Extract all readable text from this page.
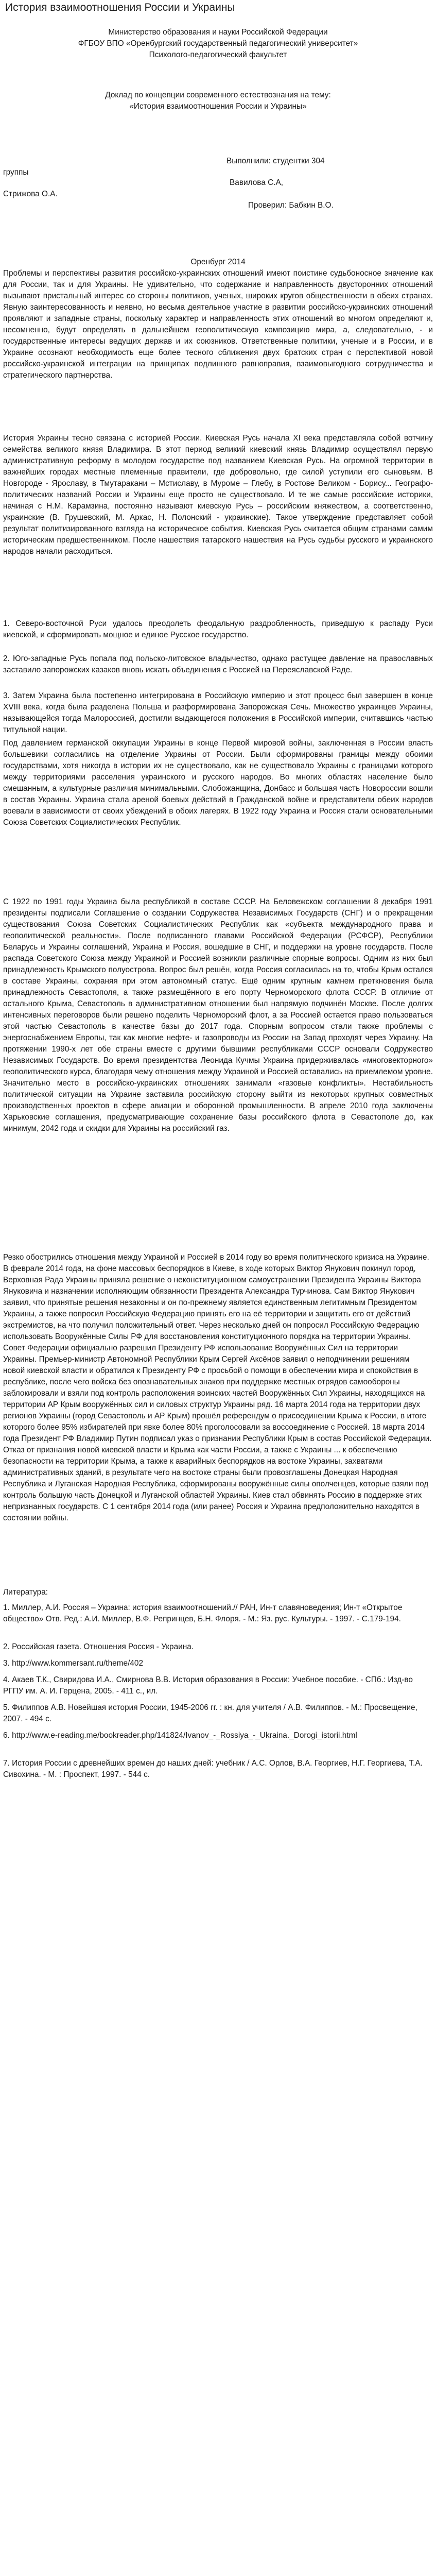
История взаимоотношения России и Украины

Министерство образования и науки Российской Федерации

ФГБОУ ВПО «Оренбургский государственный педагогический университет»

Психолого-педагогический факультет

Доклад по концепции современного естествознания на тему:

«История взаимоотношения России и Украины»

Выполнили: студентки 304

группы

Вавилова С.А,

Стрижова О.А.

Проверил: Бабкин В.О.

Оренбург 2014

Проблемы и перспективы развития российско-украинских отношений имеют поистине судьбоносное значение как для России, так и для Украины. Не удивительно, что содержание и направленность двусторонних отношений вызывают пристальный интерес со стороны политиков, ученых, широких кругов общественности в обеих странах. Явную заинтересованность и неявно, но весьма деятельное участие в развитии российско-украинских отношений проявляют и западные страны, поскольку характер и направленность этих отношений во многом определяют и, несомненно, будут определять в дальнейшем геополитическую композицию мира, а, следовательно, - и государственные интересы ведущих держав и их союзников. Ответственные политики, ученые и в России, и в Украине осознают необходимость еще более тесного сближения двух братских стран с перспективой новой российско-украинской интеграции на принципах подлинного равноправия, взаимовыгодного сотрудничества и стратегического партнерства.

История Украины тесно связана с историей России. Киевская Русь начала XI века представляла собой вотчину семейства великого князя Владимира. В этот период великий киевский князь Владимир осуществлял первую административную реформу в молодом государстве под названием Киевская Русь. На огромной территории в важнейших городах местные племенные правители, где добровольно, где силой уступили его сыновьям. В Новгороде - Ярославу, в Тмутаракани – Мстиславу, в Муроме – Глебу, в Ростове Великом - Борису... Географо-политических названий России и Украины еще просто не существовало. И те же самые российские историки, начиная с Н.М. Карамзина, постоянно называют киевскую Русь – российским княжеством, а соответственно, украинские (В. Грушевский, М. Аркас, Н. Полонский - украинские). Такое утверждение представляет собой результат политизированного взгляда на историческое события. Киевская Русь считается общим странами самим историческим предшественником. После нашествия татарского нашествия на Русь судьбы русского и украинского народов начали расходиться.

1. Северо-восточной Руси удалось преодолеть феодальную раздробленность, приведшую к распаду Руси киевской, и сформировать мощное и единое Русское государство.

2. Юго-западные Русь попала под польско-литовское владычество, однако растущее давление на православных заставило запорожских казаков вновь искать объединения с Россией на Переяславской Раде.

3. Затем Украина была постепенно интегрирована в Российскую империю и этот процесс был завершен в конце XVIII века, когда была разделена Польша и разформирована Запорожская Сечь. Множество украинцев Украины, называющейся тогда Малороссией, достигли выдающегося положения в Российской империи, считавшись частью титульной нации.

Под давлением германской оккупации Украины в конце Первой мировой войны, заключенная в России власть большевики согласились на отделение Украины от России. Были сформированы границы между обоими государствами, хотя никогда в истории их не существовало, как не существовало Украины с границами которого между территориями расселения украинского и русского народов. Во многих областях население было смешанным, а культурные различия минимальными. Слобожанщина, Донбасс и большая часть Новороссии вошли в состав Украины. Украина стала ареной боевых действий в Гражданской войне и представители обеих народов воевали в зависимости от своих убеждений в обоих лагерях. В 1922 году Украина и Россия стали основательными Союза Советских Социалистических Республик.

С 1922 по 1991 годы Украина была республикой в составе СССР. На Беловежском соглашении 8 декабря 1991 президенты подписали Соглашение о создании Содружества Независимых Государств (СНГ) и о прекращении существования Союза Советских Социалистических Республик как «субъекта международного права и геополитической реальности». После подписанного главами Российской Федерации (РСФСР), Республики Беларусь и Украины соглашений, Украина и Россия, вошедшие в СНГ, и поддержки на уровне государств. После распада Советского Союза между Украиной и Россией возникли различные спорные вопросы. Одним из них был принадлежность Крымского полуострова. Вопрос был решён, когда Россия согласилась на то, чтобы Крым остался в составе Украины, сохраняя при этом автономный статус. Ещё одним крупным камнем преткновения была принадлежность Севастополя, а также размещённого в его порту Черноморского флота СССР. В отличие от остального Крыма, Севастополь в административном отношении был напрямую подчинён Москве. После долгих интенсивных переговоров были решено поделить Черноморский флот, а за Россией остается право пользоваться этой частью Севастополь в качестве базы до 2017 года. Спорным вопросом стали также проблемы с энергоснабжением Европы, так как многие нефте- и газопроводы из России на Запад проходят через Украину. На протяжении 1990-х лет обе страны вместе с другими бывшими республиками СССР основали Содружество Независимых Государств. Во время президентства Леонида Кучмы Украина придерживалась «многовекторного» геополитического курса, благодаря чему отношения между Украиной и Россией оставались на приемлемом уровне. Значительно место в российско-украинских отношениях занимали «газовые конфликты». Нестабильность политической ситуации на Украине заставила российскую сторону выйти из некоторых крупных совместных производственных проектов в сфере авиации и оборонной промышленности. В апреле 2010 года заключены Харьковские соглашения, предусматривающие сохранение базы российского флота в Севастополе до, как минимум, 2042 года и скидки для Украины на российский газ.

Резко обострились отношения между Украиной и Россией в 2014 году во время политического кризиса на Украине. В феврале 2014 года, на фоне массовых беспорядков в Киеве, в ходе которых Виктор Янукович покинул город, Верховная Рада Украины приняла решение о неконституционном самоустранении Президента Украины Виктора Януковича и назначении исполняющим обязанности Президента Александра Турчинова. Сам Виктор Янукович заявил, что принятые решения незаконны и он по-прежнему является единственным легитимным Президентом Украины, а также попросил Российскую Федерацию принять его на её территории и защитить его от действий экстремистов, на что получил положительный ответ. Через несколько дней он попросил Российскую Федерацию использовать Вооружённые Силы РФ для восстановления конституционного порядка на территории Украины. Совет Федерации официально разрешил Президенту РФ использование Вооружённых Сил на территории Украины. Премьер-министр Автономной Республики Крым Сергей Аксёнов заявил о неподчинении решениям новой киевской власти и обратился к Президенту РФ с просьбой о помощи в обеспечении мира и спокойствия в республике, после чего войска без опознавательных знаков при поддержке местных отрядов самообороны заблокировали и взяли под контроль расположения воинских частей Вооружённых Сил Украины, находящихся на территории АР Крым вооружённых сил и силовых структур Украины ряд. 16 марта 2014 года на территории двух регионов Украины (город Севастополь и АР Крым) прошёл референдум о присоединении Крыма к России, в итоге которого более 95% избирателей при явке более 80% проголосовали за воссоединение с Россией. 18 марта 2014 года Президент РФ Владимир Путин подписал указ о признании Республики Крым в состав Российской Федерации. Отказ от признания новой киевской власти и Крыма как части России, а также с Украины ... к обеспечению безопасности на территории Крыма, а также к аварийных беспорядков на востоке Украины, захватами административных зданий, в результате чего на востоке страны были провозглашены Донецкая Народная Республика и Луганская Народная Республика, сформированы вооружённые силы ополченцев, которые взяли под контроль большую часть Донецкой и Луганской областей Украины. Киев стал обвинять Россию в поддержке этих непризнанных государств. С 1 сентября 2014 года (или ранее) Россия и Украина предположительно находятся в состоянии войны.

Литература:

1. Миллер, А.И. Россия – Украина: история взаимоотношений.// РАН, Ин-т славяноведения; Ин-т «Открытое общество» Отв. Ред.: А.И. Миллер, В.Ф. Репринцев, Б.Н. Флоря. - М.: Яз. рус. Культуры. - 1997. - С.179-194.

2. Российская газета. Отношения Россия - Украина.

3. http://www.kommersant.ru/theme/402

4. Акаев Т.К., Свиридова И.А., Смирнова В.В. История образования в России: Учебное пособие. - СПб.: Изд-во РГПУ им. А. И. Герцена, 2005. - 411 с., ил.

5. Филиппов А.В. Новейшая история России, 1945-2006 гг. : кн. для учителя / А.В. Филиппов. - М.: Просвещение, 2007. - 494 с.

6. http://www.e-reading.me/bookreader.php/141824/Ivanov_-_Rossiya_-_Ukraina._Dorogi_istorii.html

7. История России с древнейших времен до наших дней: учебник / А.С. Орлов, В.А. Георгиев, Н.Г. Георгиева, Т.А. Сивохина. - М. : Проспект, 1997. - 544 с.
